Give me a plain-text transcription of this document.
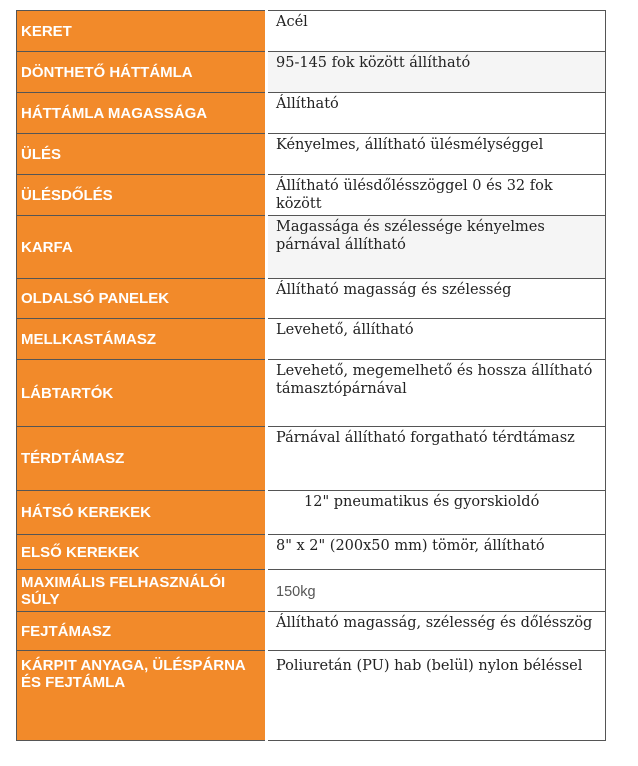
KERET	Acél
DÖNTHETŐ HÁTTÁMLA	95-145 fok között állítható
HÁTTÁMLA MAGASSÁGA	Állítható
ÜLÉS	Kényelmes, állítható ülésmélységgel
ÜLÉSDŐLÉS	Állítható ülésdőlésszöggel 0 és 32 fok között
KARFA	Magassága és szélessége kényelmes párnával állítható
OLDALSÓ PANELEK	Állítható magasság és szélesség
MELLKASTÁMASZ	Levehető, állítható
LÁBTARTÓK	Levehető, megemelhető és hossza állítható támasztópárnával
TÉRDTÁMASZ	Párnával állítható forgatható térdtámasz
HÁTSÓ KEREKEK	12" pneumatikus és gyorskioldó
ELSŐ KEREKEK	8" x 2" (200x50 mm) tömör, állítható
MAXIMÁLIS FELHASZNÁLÓI SÚLY	150kg
FEJTÁMASZ	Állítható magasság, szélesség és dőlésszög
KÁRPIT ANYAGA, ÜLÉSPÁRNA ÉS FEJTÁMLA	Poliuretán (PU) hab (belül) nylon béléssel
